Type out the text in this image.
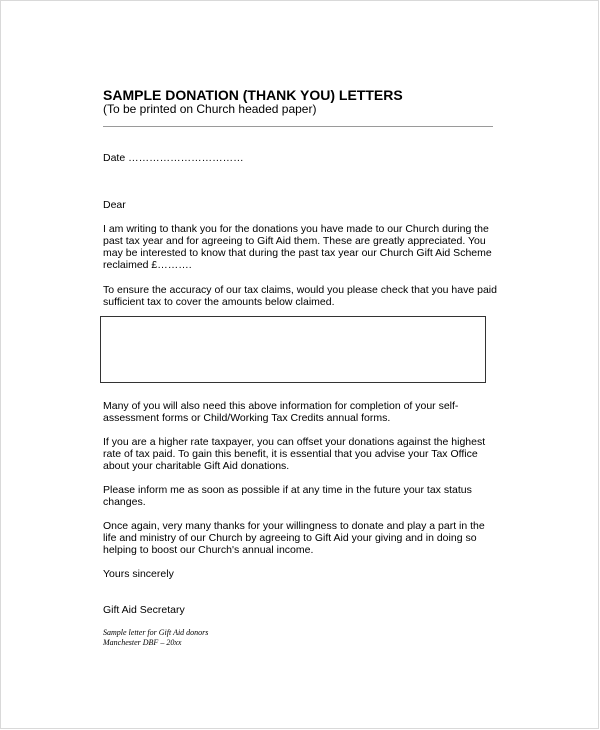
SAMPLE DONATION (THANK YOU) LETTERS
(To be printed on Church headed paper)
Date ……………………………
Dear
I am writing to thank you for the donations you have made to our Church during the
past tax year and for agreeing to Gift Aid them. These are greatly appreciated. You
may be interested to know that during the past tax year our Church Gift Aid Scheme
reclaimed £……….
To ensure the accuracy of our tax claims, would you please check that you have paid
sufficient tax to cover the amounts below claimed.
Many of you will also need this above information for completion of your self-
assessment forms or Child/Working Tax Credits annual forms.
If you are a higher rate taxpayer, you can offset your donations against the highest
rate of tax paid. To gain this benefit, it is essential that you advise your Tax Office
about your charitable Gift Aid donations.
Please inform me as soon as possible if at any time in the future your tax status
changes.
Once again, very many thanks for your willingness to donate and play a part in the
life and ministry of our Church by agreeing to Gift Aid your giving and in doing so
helping to boost our Church's annual income.
Yours sincerely
Gift Aid Secretary
Sample letter for Gift Aid donors
Manchester DBF – 20xx
